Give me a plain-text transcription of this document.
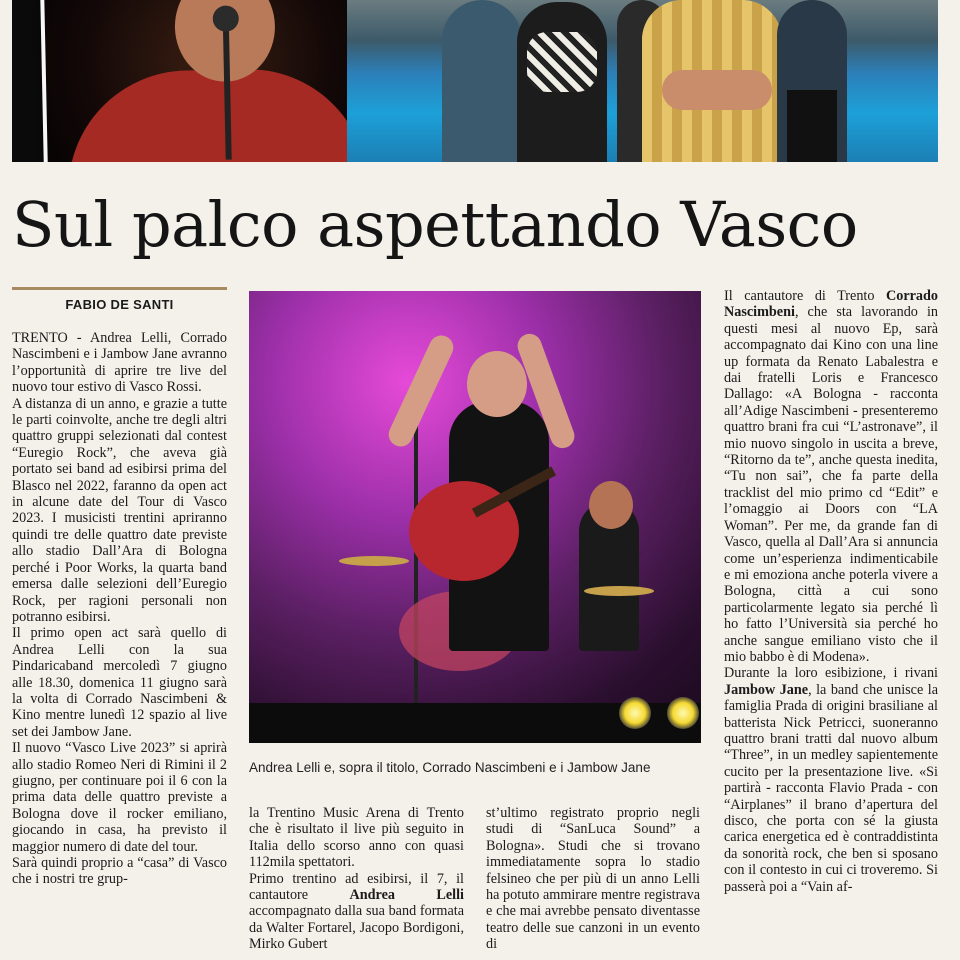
Sul palco aspettando Vasco
FABIO DE SANTI

TRENTO - Andrea Lelli, Corrado Nascimbeni e i Jambow Jane avranno l’opportunità di aprire tre live del nuovo tour estivo di Vasco Rossi.

A distanza di un anno, e grazie a tutte le parti coinvolte, anche tre degli altri quattro gruppi selezionati dal contest “Euregio Rock”, che aveva già portato sei band ad esibirsi prima del Blasco nel 2022, faranno da open act in alcune date del Tour di Vasco 2023. I musicisti trentini apriranno quindi tre delle quattro date previste allo stadio Dall’Ara di Bologna perché i Poor Works, la quarta band emersa dalle selezioni dell’Euregio Rock, per ragioni personali non potranno esibirsi.

Il primo open act sarà quello di Andrea Lelli con la sua Pindaricaband mercoledì 7 giugno alle 18.30, domenica 11 giugno sarà la volta di Corrado Nascimbeni & Kino mentre lunedì 12 spazio al live set dei Jambow Jane.

Il nuovo “Vasco Live 2023” si aprirà allo stadio Romeo Neri di Rimini il 2 giugno, per continuare poi il 6 con la prima data delle quattro previste a Bologna dove il rocker emiliano, giocando in casa, ha previsto il maggior numero di date del tour.

Sarà quindi proprio a “casa” di Vasco che i nostri tre grup-

Andrea Lelli e, sopra il titolo, Corrado Nascimbeni e i Jambow Jane

la Trentino Music Arena di Trento che è risultato il live più seguito in Italia dello scorso anno con quasi 112mila spettatori.

Primo trentino ad esibirsi, il 7, il cantautore Andrea Lelli accompagnato dalla sua band formata da Walter Fortarel, Jacopo Bordigoni, Mirko Gubert

st’ultimo registrato proprio negli studi di “SanLuca Sound” a Bologna». Studi che si trovano immediatamente sopra lo stadio felsineo che per più di un anno Lelli ha potuto ammirare mentre registrava e che mai avrebbe pensato diventasse teatro delle sue canzoni in un evento di

Il cantautore di Trento Corrado Nascimbeni, che sta lavorando in questi mesi al nuovo Ep, sarà accompagnato dai Kino con una line up formata da Renato Labalestra e dai fratelli Loris e Francesco Dallago: «A Bologna - racconta all’Adige Nascimbeni - presenteremo quattro brani fra cui “L’astronave”, il mio nuovo singolo in uscita a breve, “Ritorno da te”, anche questa inedita, “Tu non sai”, che fa parte della tracklist del mio primo cd “Edit” e l’omaggio ai Doors con “LA Woman”. Per me, da grande fan di Vasco, quella al Dall’Ara si annuncia come un’esperienza indimenticabile e mi emoziona anche poterla vivere a Bologna, città a cui sono particolarmente legato sia perché lì ho fatto l’Università sia perché ho anche sangue emiliano visto che il mio babbo è di Modena».

Durante la loro esibizione, i rivani Jambow Jane, la band che unisce la famiglia Prada di origini brasiliane al batterista Nick Petricci, suoneranno quattro brani tratti dal nuovo album “Three”, in un medley sapientemente cucito per la presentazione live. «Si partirà - racconta Flavio Prada - con “Airplanes” il brano d’apertura del disco, che porta con sé la giusta carica energetica ed è contraddistinta da sonorità rock, che ben si sposano con il contesto in cui ci troveremo. Si passerà poi a “Vain af-
